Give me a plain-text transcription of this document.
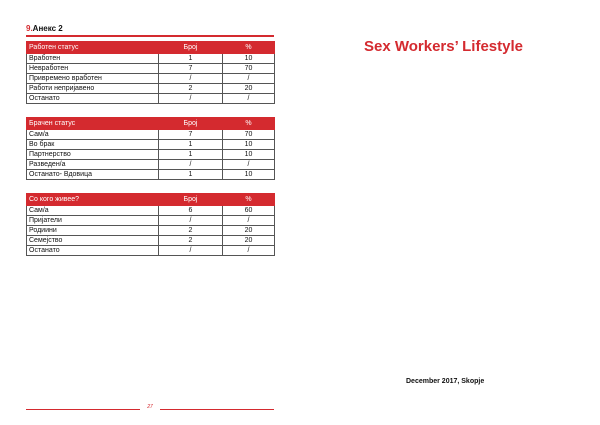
9.Анекс 2
Работен статус	Број	%
Вработен	1	10
Невработен	7	70
Привремено вработен	/	/
Работи непријавено	2	20
Останато	/	/
Брачен статус	Број	%
Сам/а	7	70
Во брак	1	10
Партнерство	1	10
Разведен/а	/	/
Останато- Вдовица	1	10
Со кого живее?	Број	%
Сам/а	6	60
Пријатели	/	/
Родиини	2	20
Семејство	2	20
Останато	/	/
27
Sex Workers’ Lifestyle
December 2017, Skopje
